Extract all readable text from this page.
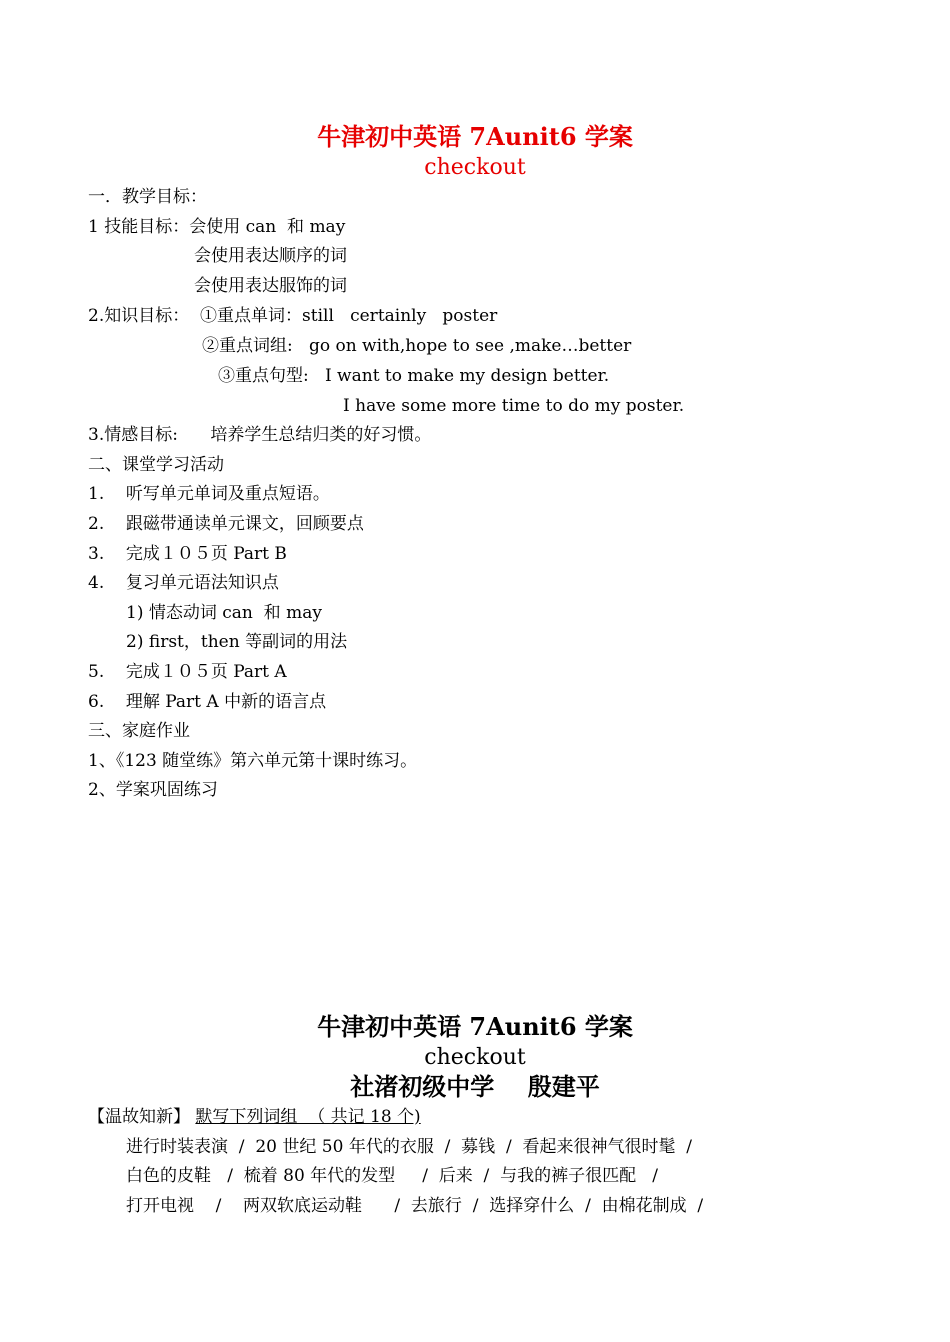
牛津初中英语 7Aunit6 学案
checkout
一．教学目标：
1 技能目标：会使用 can  和 may
会使用表达顺序的词
会使用表达服饰的词
2.知识目标：  ①重点单词：still   certainly   poster
②重点词组:   go on with,hope to see ,make…better
③重点句型:   I want to make my design better.
I have some more time to do my poster.
3.情感目标:      培养学生总结归类的好习惯。
二、课堂学习活动
1.    听写单元单词及重点短语。
2.    跟磁带通读单元课文，回顾要点
3.    完成１０５页 Part B
4.    复习单元语法知识点
1) 情态动词 can  和 may
2) first，then 等副词的用法
5.    完成１０５页 Part A
6.    理解 Part A 中新的语言点
三、家庭作业
1、《123 随堂练》第六单元第十课时练习。
2、学案巩固练习
牛津初中英语 7Aunit6 学案
checkout
社渚初级中学    殷建平
【温故知新】 默写下列词组  （ 共记 18 个)
进行时装表演  /  20 世纪 50 年代的衣服  /  募钱  /  看起来很神气很时髦  /
白色的皮鞋   /  梳着 80 年代的发型     /  后来  /  与我的裤子很匹配   /
打开电视    /    两双软底运动鞋      /  去旅行  /  选择穿什么  /  由棉花制成  /
